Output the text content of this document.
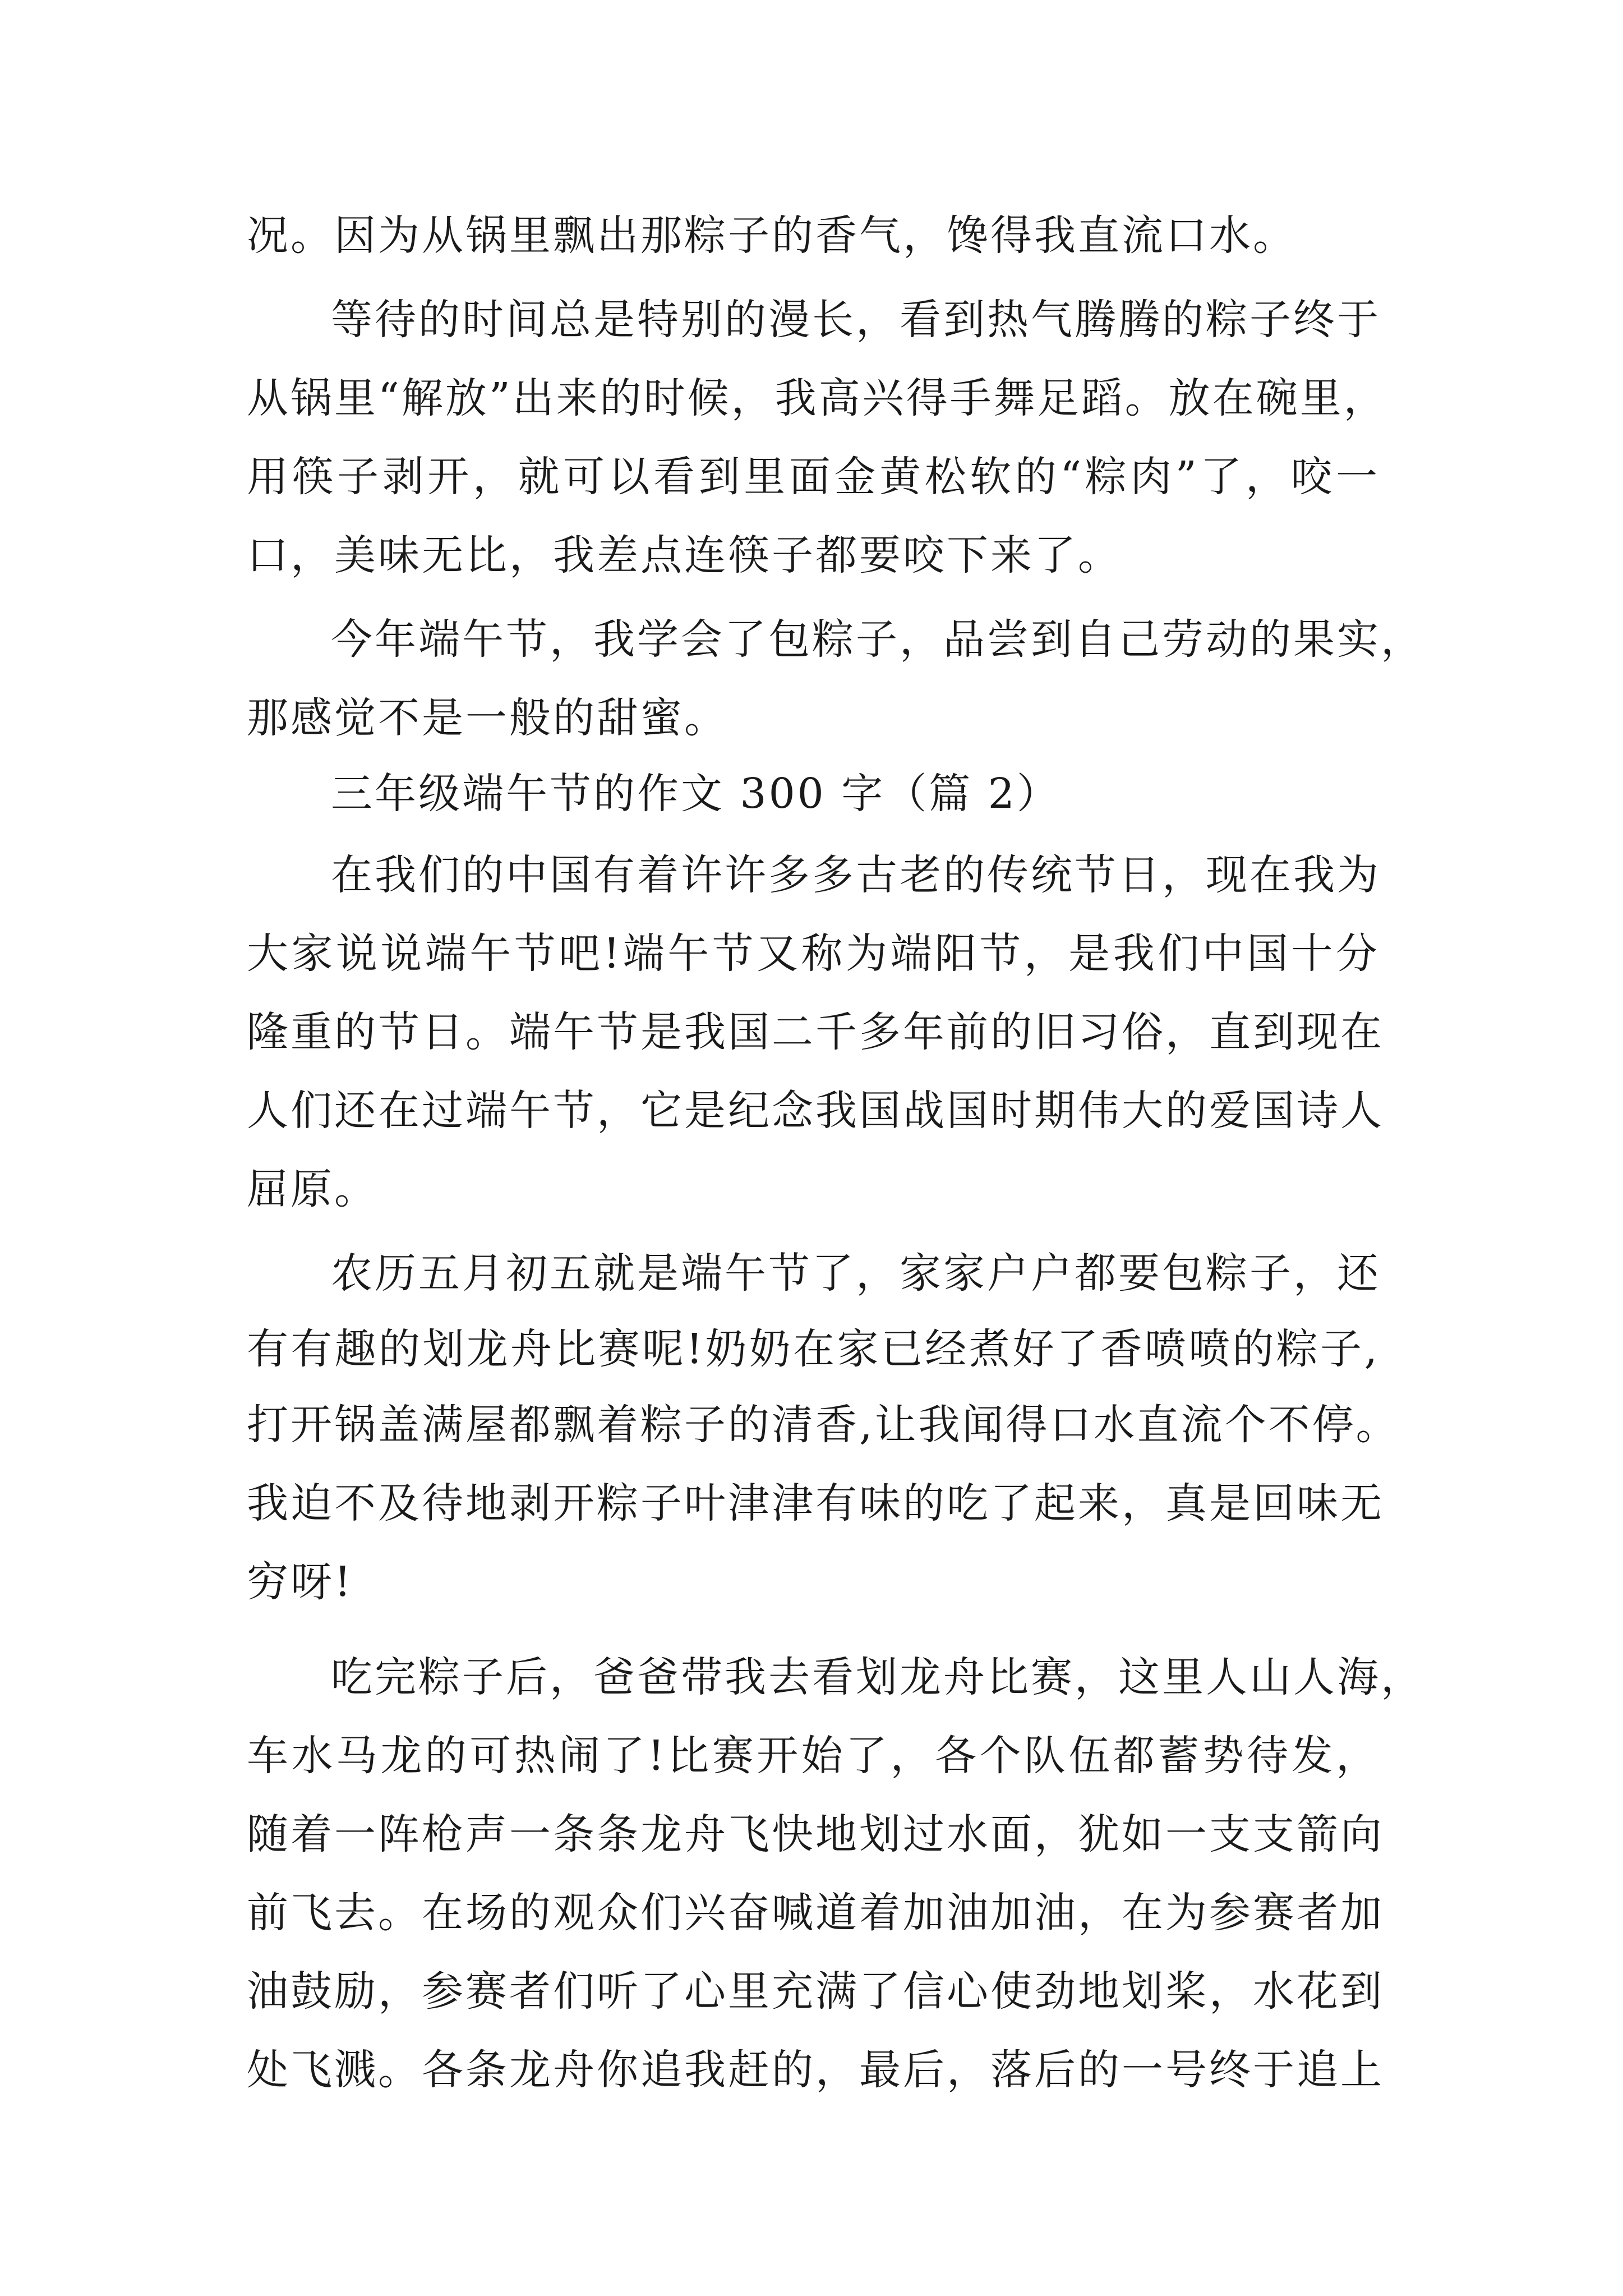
况。因为从锅里飘出那粽子的香气，馋得我直流口水。
等待的时间总是特别的漫长，看到热气腾腾的粽子终于
从锅里“解放”出来的时候，我高兴得手舞足蹈。放在碗里，
用筷子剥开，就可以看到里面金黄松软的“粽肉”了，咬一
口，美味无比，我差点连筷子都要咬下来了。
今年端午节，我学会了包粽子，品尝到自己劳动的果实，
那感觉不是一般的甜蜜。
三年级端午节的作文 300 字（篇 2）
在我们的中国有着许许多多古老的传统节日，现在我为
大家说说端午节吧!端午节又称为端阳节，是我们中国十分
隆重的节日。端午节是我国二千多年前的旧习俗，直到现在
人们还在过端午节，它是纪念我国战国时期伟大的爱国诗人
屈原。
农历五月初五就是端午节了，家家户户都要包粽子，还
有有趣的划龙舟比赛呢!奶奶在家已经煮好了香喷喷的粽子,
打开锅盖满屋都飘着粽子的清香,让我闻得口水直流个不停。
我迫不及待地剥开粽子叶津津有味的吃了起来，真是回味无
穷呀!
吃完粽子后，爸爸带我去看划龙舟比赛，这里人山人海，
车水马龙的可热闹了!比赛开始了，各个队伍都蓄势待发，
随着一阵枪声一条条龙舟飞快地划过水面，犹如一支支箭向
前飞去。在场的观众们兴奋喊道着加油加油，在为参赛者加
油鼓励，参赛者们听了心里充满了信心使劲地划桨，水花到
处飞溅。各条龙舟你追我赶的，最后，落后的一号终于追上
